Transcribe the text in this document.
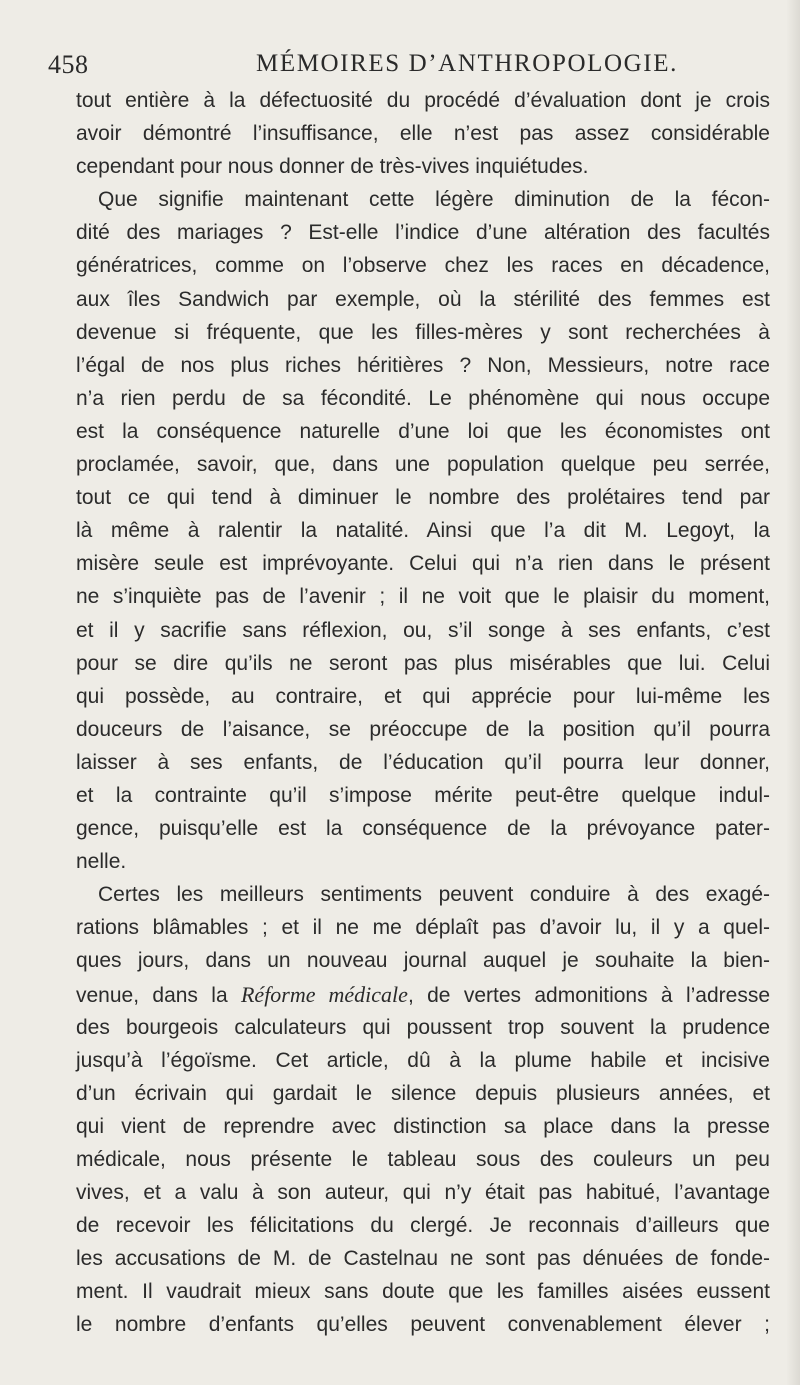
458	MÉMOIRES D’ANTHROPOLOGIE.
tout entière à la défectuosité du procédé d’évaluation dont je crois
avoir démontré l’insuffisance, elle n’est pas assez considérable
cependant pour nous donner de très-vives inquiétudes.
Que signifie maintenant cette légère diminution de la fécon-
dité des mariages ? Est-elle l’indice d’une altération des facultés
génératrices, comme on l’observe chez les races en décadence,
aux îles Sandwich par exemple, où la stérilité des femmes est
devenue si fréquente, que les filles-mères y sont recherchées à
l’égal de nos plus riches héritières ? Non, Messieurs, notre race
n’a rien perdu de sa fécondité. Le phénomène qui nous occupe
est la conséquence naturelle d’une loi que les économistes ont
proclamée, savoir, que, dans une population quelque peu serrée,
tout ce qui tend à diminuer le nombre des prolétaires tend par
là même à ralentir la natalité. Ainsi que l’a dit M. Legoyt, la
misère seule est imprévoyante. Celui qui n’a rien dans le présent
ne s’inquiète pas de l’avenir ; il ne voit que le plaisir du moment,
et il y sacrifie sans réflexion, ou, s’il songe à ses enfants, c’est
pour se dire qu’ils ne seront pas plus misérables que lui. Celui
qui possède, au contraire, et qui apprécie pour lui-même les
douceurs de l’aisance, se préoccupe de la position qu’il pourra
laisser à ses enfants, de l’éducation qu’il pourra leur donner,
et la contrainte qu’il s’impose mérite peut-être quelque indul-
gence, puisqu’elle est la conséquence de la prévoyance pater-
nelle.
Certes les meilleurs sentiments peuvent conduire à des exagé-
rations blâmables ; et il ne me déplaît pas d’avoir lu, il y a quel-
ques jours, dans un nouveau journal auquel je souhaite la bien-
venue, dans la Réforme médicale, de vertes admonitions à l’adresse
des bourgeois calculateurs qui poussent trop souvent la prudence
jusqu’à l’égoïsme. Cet article, dû à la plume habile et incisive
d’un écrivain qui gardait le silence depuis plusieurs années, et
qui vient de reprendre avec distinction sa place dans la presse
médicale, nous présente le tableau sous des couleurs un peu
vives, et a valu à son auteur, qui n’y était pas habitué, l’avantage
de recevoir les félicitations du clergé. Je reconnais d’ailleurs que
les accusations de M. de Castelnau ne sont pas dénuées de fonde-
ment. Il vaudrait mieux sans doute que les familles aisées eussent
le nombre d’enfants qu’elles peuvent convenablement élever ;
